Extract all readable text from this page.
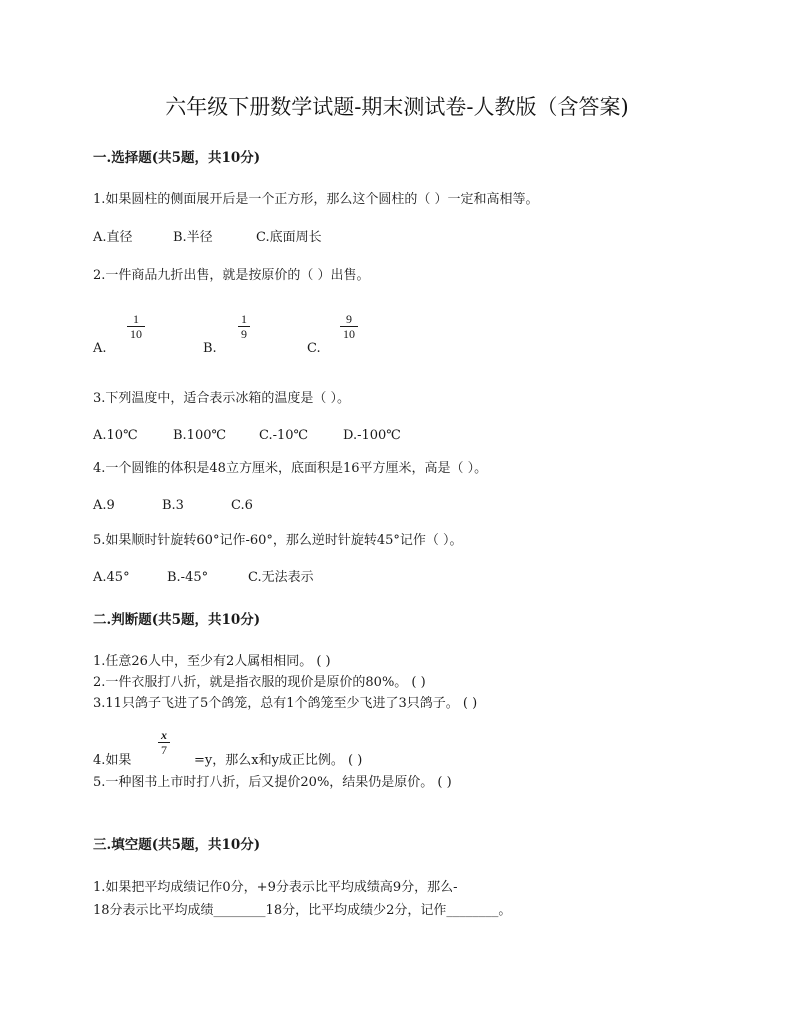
六年级下册数学试题-期末测试卷-人教版（含答案)
一.选择题(共5题，共10分)
1.如果圆柱的侧面展开后是一个正方形，那么这个圆柱的（ ）一定和高相等。
A.直径	B.半径	C.底面周长
2.一件商品九折出售，就是按原价的（ ）出售。
A.
$\frac{1}{10}$
B.
$\frac{1}{9}$
C.
$\frac{9}{10}$
3.下列温度中，适合表示冰箱的温度是（ ）。
A.10℃	B.100℃	C.-10℃	D.-100℃
4.一个圆锥的体积是48立方厘米，底面积是16平方厘米，高是（ ）。
A.9	B.3	C.6
5.如果顺时针旋转60°记作-60°，那么逆时针旋转45°记作（ ）。
A.45°	B.-45°	C.无法表示
二.判断题(共5题，共10分)
1.任意26人中，至少有2人属相相同。 ( )
2.一件衣服打八折，就是指衣服的现价是原价的80%。 ( )
3.11只鸽子飞进了5个鸽笼，总有1个鸽笼至少飞进了3只鸽子。 ( )
4.如果
$\frac{x}{7}$
=y，那么x和y成正比例。 ( )
5.一种图书上市时打八折，后又提价20%，结果仍是原价。 ( )
三.填空题(共5题，共10分)
1.如果把平均成绩记作0分，+9分表示比平均成绩高9分，那么-
18分表示比平均成绩________18分，比平均成绩少2分，记作________。
